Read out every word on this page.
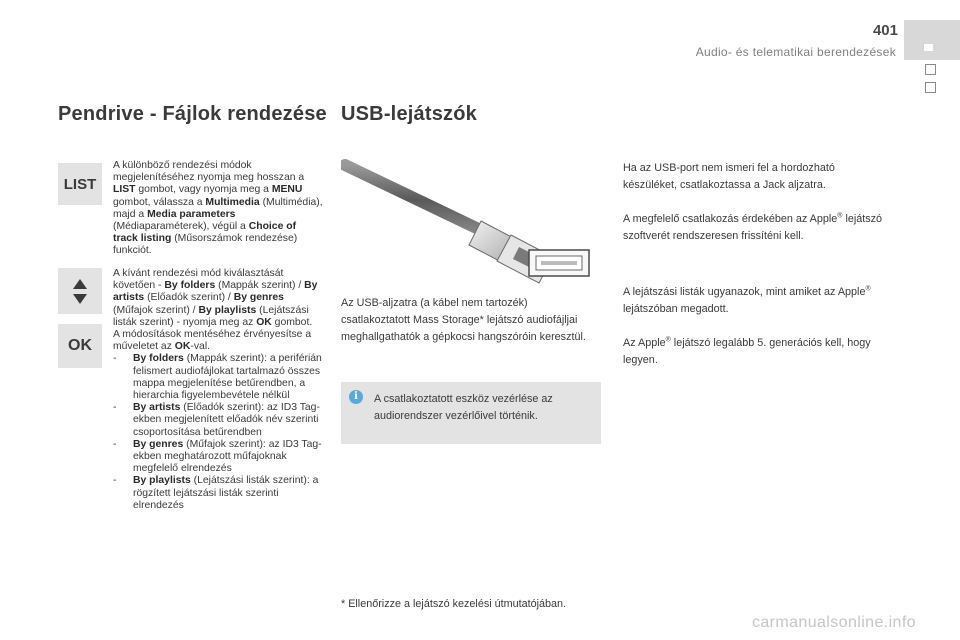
401
Audio- és telematikai berendezések
Pendrive - Fájlok rendezése USB-lejátszók
LIST
OK
A különböző rendezési módok megjelenítéséhez nyomja meg hosszan a LIST gombot, vagy nyomja meg a MENU gombot, válassza a Multimedia (Multimédia), majd a Media parameters (Médiaparaméterek), végül a Choice of track listing (Műsorszámok rendezése) funkciót.
A kívánt rendezési mód kiválasztását követően - By folders (Mappák szerint) / By artists (Előadók szerint) / By genres (Műfajok szerint) / By playlists (Lejátszási listák szerint) - nyomja meg az OK gombot.
A módosítások mentéséhez érvényesítse a műveletet az OK-val.
- By folders (Mappák szerint): a periférián felismert audiofájlokat tartalmazó összes mappa megjelenítése betűrendben, a hierarchia figyelembevétele nélkül
- By artists (Előadók szerint): az ID3 Tag-ekben megjelenített előadók név szerinti csoportosítása betűrendben
- By genres (Műfajok szerint): az ID3 Tag-ekben meghatározott műfajoknak megfelelő elrendezés
- By playlists (Lejátszási listák szerint): a rögzített lejátszási listák szerinti elrendezés
Az USB-aljzatra (a kábel nem tartozék) csatlakoztatott Mass Storage* lejátszó audiofájljai meghallgathatók a gépkocsi hangszóróin keresztül.
i	A csatlakoztatott eszköz vezérlése az audiorendszer vezérlőivel történik.
* Ellenőrizze a lejátszó kezelési útmutatójában.
Ha az USB-port nem ismeri fel a hordozható készüléket, csatlakoztassa a Jack aljzatra.
A megfelelő csatlakozás érdekében az Apple® lejátszó szoftverét rendszeresen frissíténi kell.
A lejátszási listák ugyanazok, mint amiket az Apple® lejátszóban megadott.
Az Apple® lejátszó legalább 5. generációs kell, hogy legyen.
carmanualsonline.info
